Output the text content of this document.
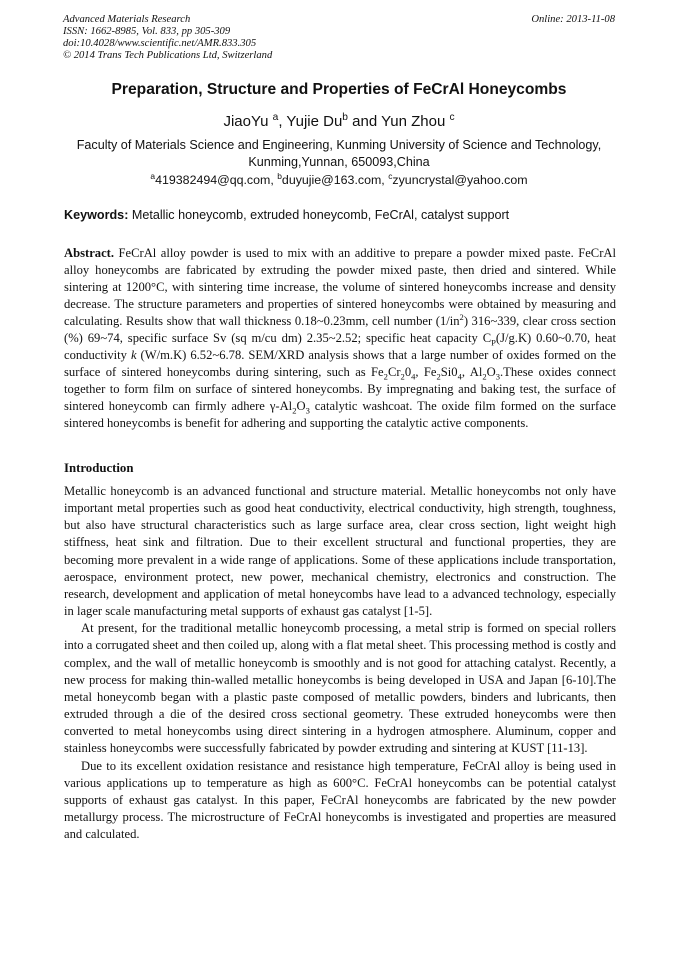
Advanced Materials Research
ISSN: 1662-8985, Vol. 833, pp 305-309
doi:10.4028/www.scientific.net/AMR.833.305
© 2014 Trans Tech Publications Ltd, Switzerland
Online: 2013-11-08
Preparation, Structure and Properties of FeCrAl Honeycombs
JiaoYu $^a$, Yujie Du$^b$ and Yun Zhou $^c$
Faculty of Materials Science and Engineering, Kunming University of Science and Technology, Kunming,Yunnan, 650093,China
$^a$419382494@qq.com, $^b$duyujie@163.com, $^c$zyuncrystal@yahoo.com
Keywords: Metallic honeycomb, extruded honeycomb, FeCrAl, catalyst support
Abstract. FeCrAl alloy powder is used to mix with an additive to prepare a powder mixed paste. FeCrAl alloy honeycombs are fabricated by extruding the powder mixed paste, then dried and sintered. While sintering at 1200°C, with sintering time increase, the volume of sintered honeycombs increase and density decrease. The structure parameters and properties of sintered honeycombs were obtained by measuring and calculating. Results show that wall thickness 0.18~0.23mm, cell number $(1/in^2)$ 316~339, clear cross section (%) 69~74, specific surface Sv (sq m/cu dm) 2.35~2.52; specific heat capacity $C_P(J/g.K)$ 0.60~0.70, heat conductivity k (W/m.K) 6.52~6.78. SEM/XRD analysis shows that a large number of oxides formed on the surface of sintered honeycombs during sintering, such as $Fe_2Cr_20_4$, $Fe_2Si0_4$, $Al_2O_3.These$ oxides connect together to form film on surface of sintered honeycombs. By impregnating and baking test, the surface of sintered honeycomb can firmly adhere $\gamma-Al_2O_3$ catalytic washcoat. The oxide film formed on the surface sintered honeycombs is benefit for adhering and supporting the catalytic active components.
Introduction

Metallic honeycomb is an advanced functional and structure material. Metallic honeycombs not only have important metal properties such as good heat conductivity, electrical conductivity, high strength, toughness, but also have structural characteristics such as large surface area, clear cross section, light weight high stiffness, heat sink and filtration. Due to their excellent structural and functional properties, they are becoming more prevalent in a wide range of applications. Some of these applications include transportation, aerospace, environment protect, new power, mechanical chemistry, electronics and construction. The research, development and application of metal honeycombs have lead to a advanced technology, especially in lager scale manufacturing metal supports of exhaust gas catalyst [1-5].

At present, for the traditional metallic honeycomb processing, a metal strip is formed on special rollers into a corrugated sheet and then coiled up, along with a flat metal sheet. This processing method is costly and complex, and the wall of metallic honeycomb is smoothly and is not good for attaching catalyst. Recently, a new process for making thin-walled metallic honeycombs is being developed in USA and Japan [6-10].The metal honeycomb began with a plastic paste composed of metallic powders, binders and lubricants, then extruded through a die of the desired cross sectional geometry. These extruded honeycombs were then converted to metal honeycombs using direct sintering in a hydrogen atmosphere. Aluminum, copper and stainless honeycombs were successfully fabricated by powder extruding and sintering at KUST [11-13].

Due to its excellent oxidation resistance and resistance high temperature, FeCrAl alloy is being used in various applications up to temperature as high as 600°C. FeCrAl honeycombs can be potential catalyst supports of exhaust gas catalyst. In this paper, FeCrAl honeycombs are fabricated by the new powder metallurgy process. The microstructure of FeCrAl honeycombs is investigated and properties are measured and calculated.
